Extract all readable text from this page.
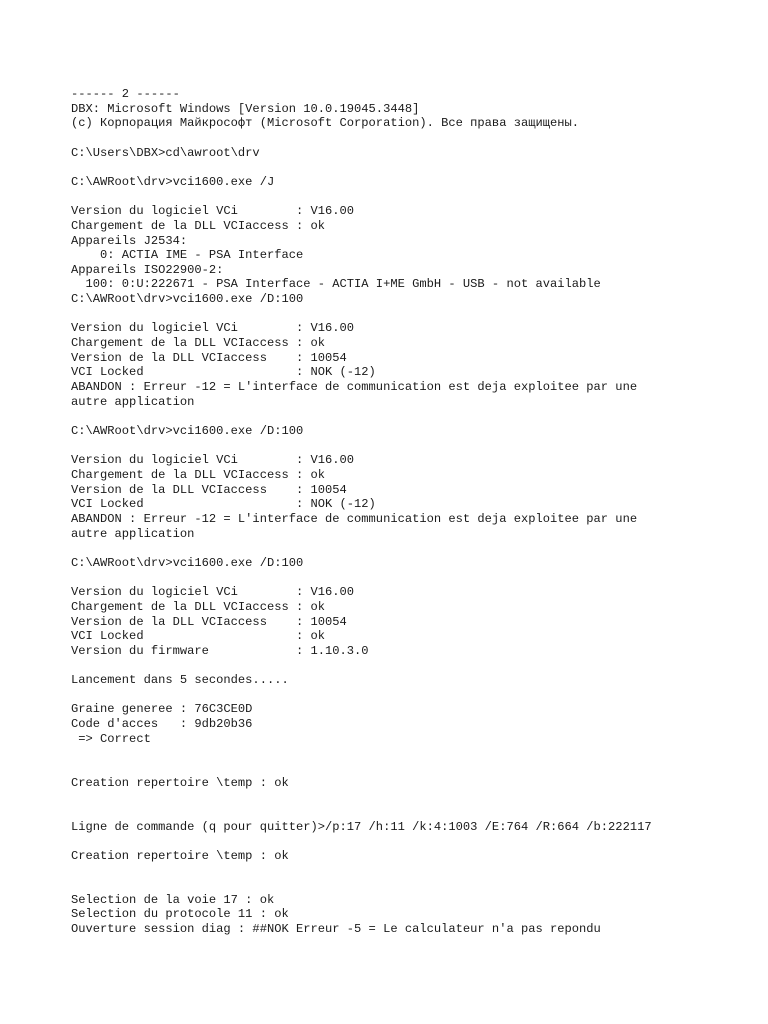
------ 2 ------
DBX: Microsoft Windows [Version 10.0.19045.3448]
(c) Корпорация Майкрософт (Microsoft Corporation). Все права защищены.
C:\Users\DBX>cd\awroot\drv
C:\AWRoot\drv>vci1600.exe /J
Version du logiciel VCi        : V16.00
Chargement de la DLL VCIaccess : ok
Appareils J2534:
0: ACTIA IME - PSA Interface
Appareils ISO22900-2:
100: 0:U:222671 - PSA Interface - ACTIA I+ME GmbH - USB - not available
C:\AWRoot\drv>vci1600.exe /D:100
Version du logiciel VCi        : V16.00
Chargement de la DLL VCIaccess : ok
Version de la DLL VCIaccess    : 10054
VCI Locked                     : NOK (-12)
ABANDON : Erreur -12 = L'interface de communication est deja exploitee par une
autre application
C:\AWRoot\drv>vci1600.exe /D:100
Version du logiciel VCi        : V16.00
Chargement de la DLL VCIaccess : ok
Version de la DLL VCIaccess    : 10054
VCI Locked                     : NOK (-12)
ABANDON : Erreur -12 = L'interface de communication est deja exploitee par une
autre application
C:\AWRoot\drv>vci1600.exe /D:100
Version du logiciel VCi        : V16.00
Chargement de la DLL VCIaccess : ok
Version de la DLL VCIaccess    : 10054
VCI Locked                     : ok
Version du firmware            : 1.10.3.0
Lancement dans 5 secondes.....
Graine generee : 76C3CE0D
Code d'acces   : 9db20b36
=> Correct
Creation repertoire \temp : ok
Ligne de commande (q pour quitter)>/p:17 /h:11 /k:4:1003 /E:764 /R:664 /b:222117
Creation repertoire \temp : ok
Selection de la voie 17 : ok
Selection du protocole 11 : ok
Ouverture session diag : ##NOK Erreur -5 = Le calculateur n'a pas repondu
